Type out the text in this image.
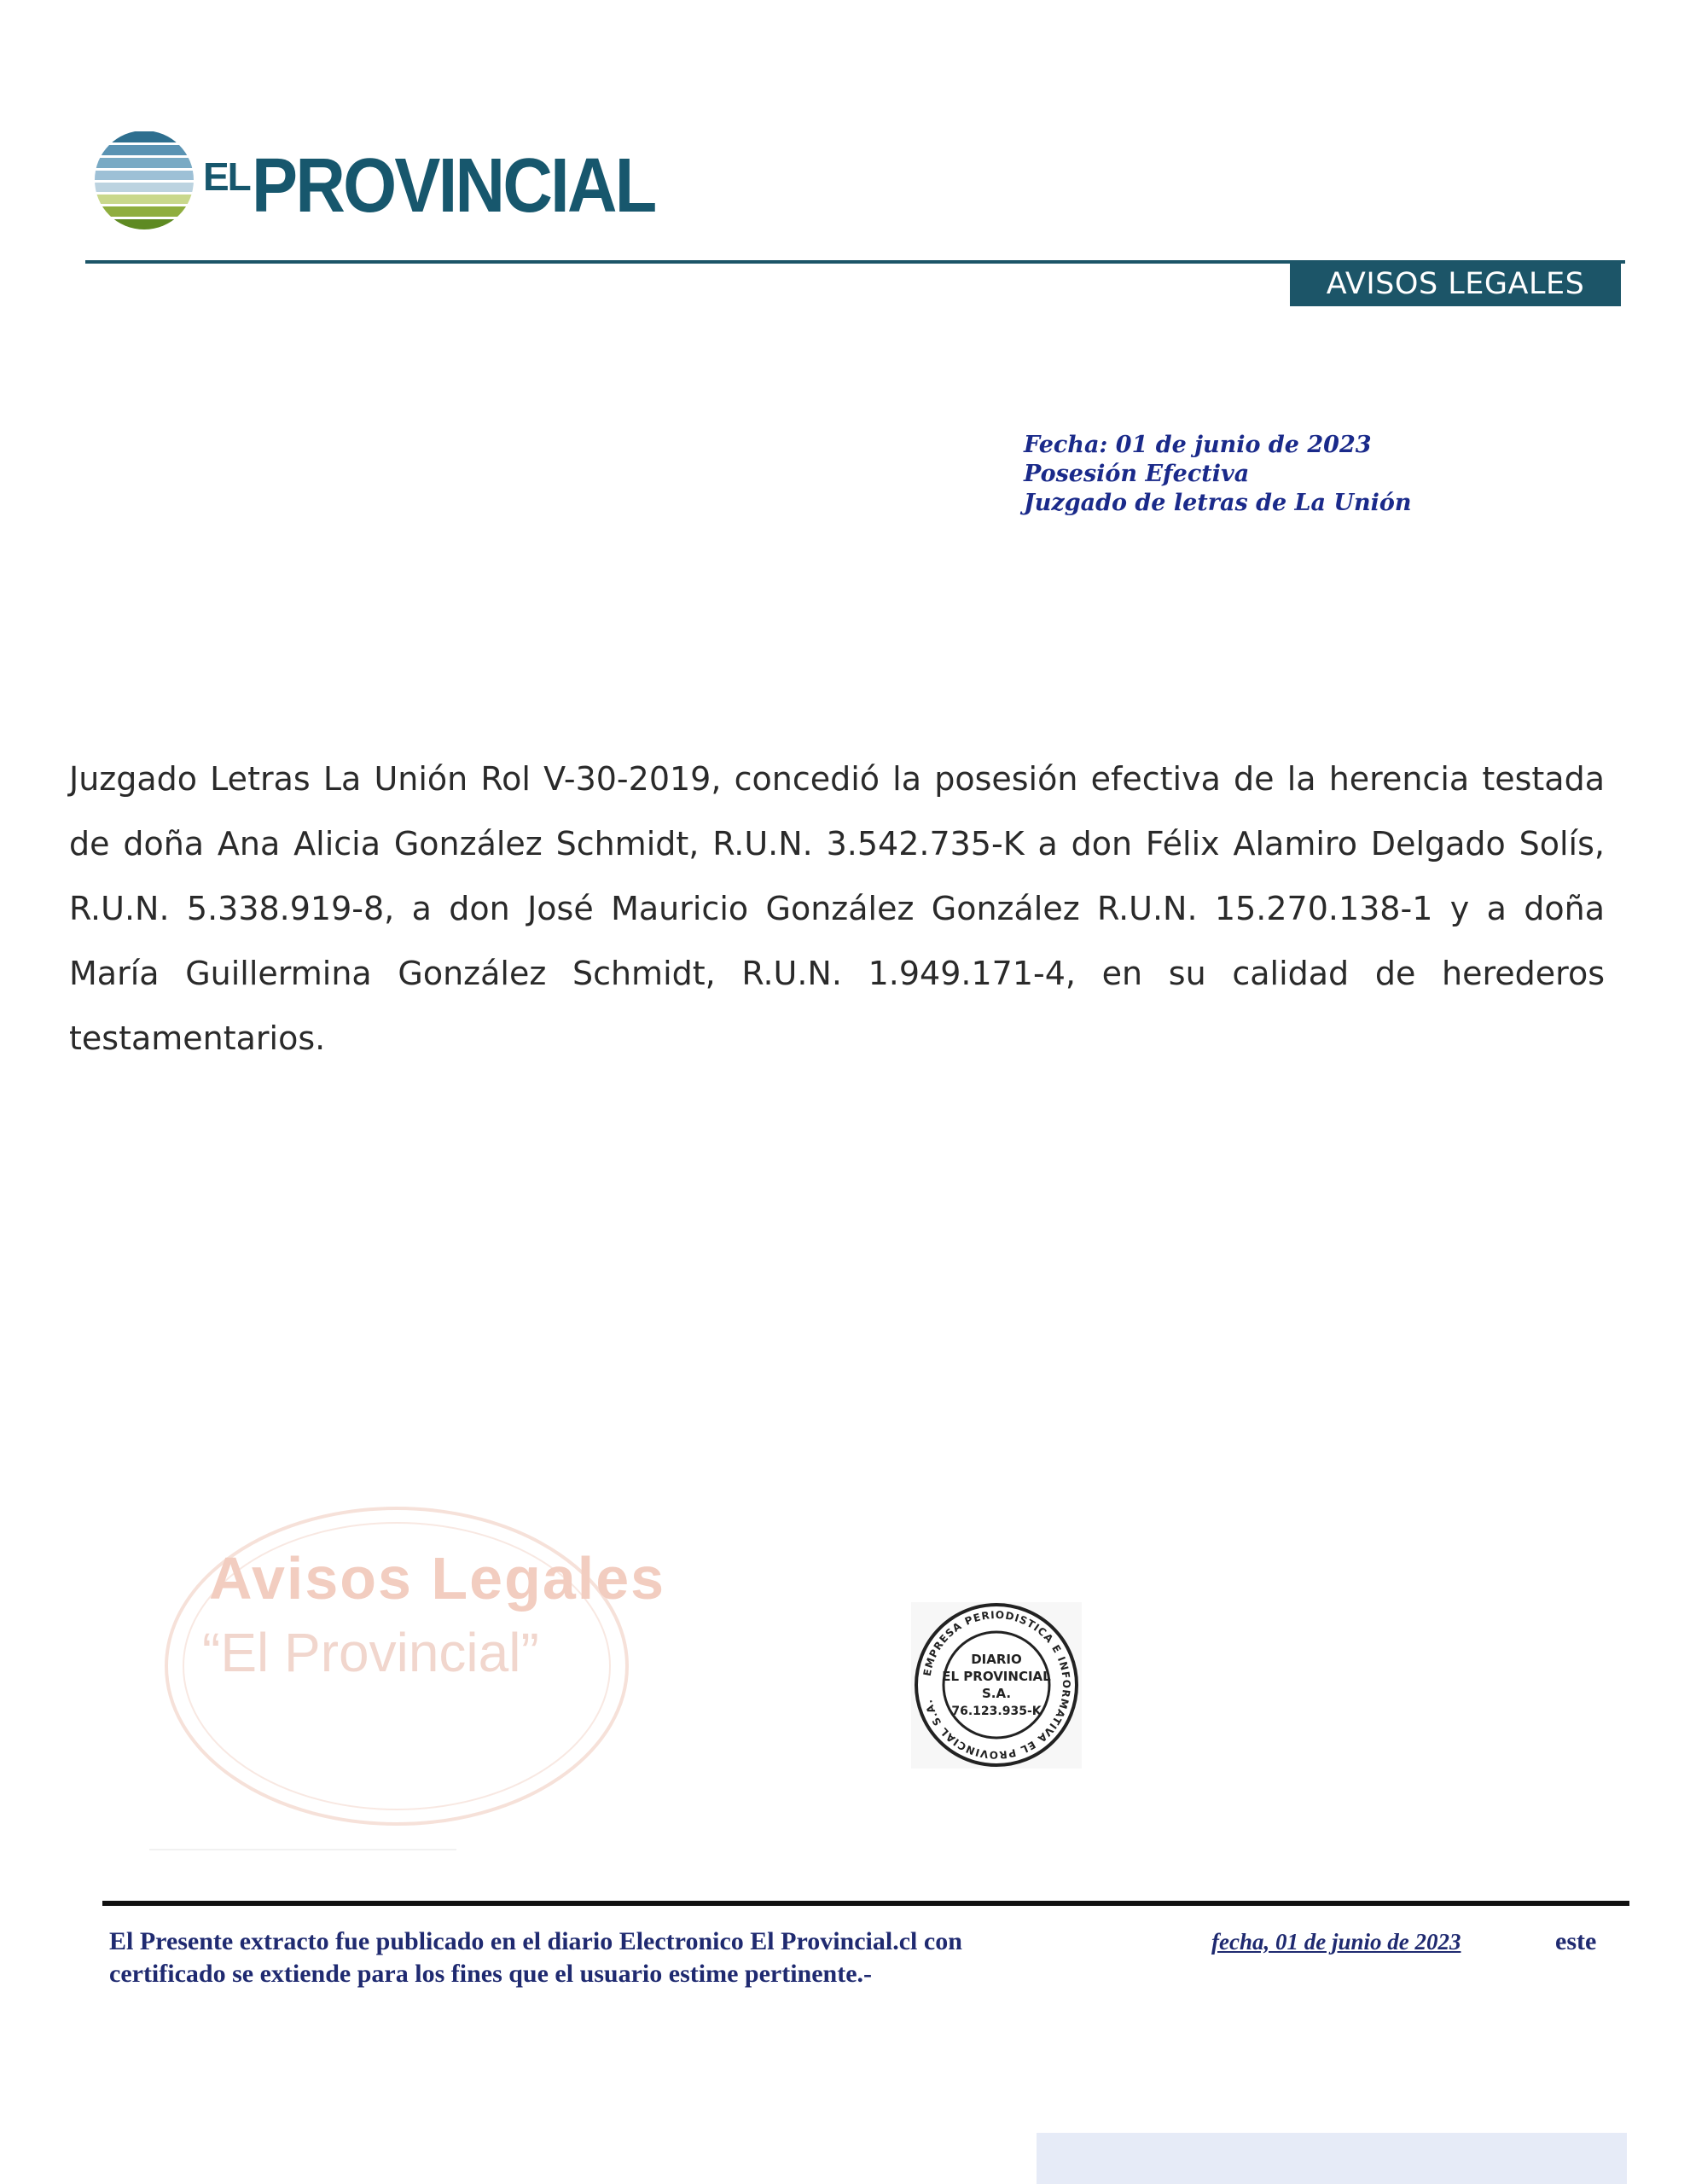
ELPROVINCIAL
AVISOS LEGALES
Fecha: 01 de junio de 2023
Posesión Efectiva
Juzgado de letras de La Unión

Juzgado Letras La Unión Rol V-30-2019, concedió la posesión efectiva de la herencia testada de doña Ana Alicia González Schmidt, R.U.N. 3.542.735-K a don Félix Alamiro Delgado Solís, R.U.N. 5.338.919-8, a don José Mauricio González González R.U.N. 15.270.138-1 y a doña María Guillermina González Schmidt, R.U.N. 1.949.171-4, en su calidad de herederos testamentarios.

Avisos Legales
“El Provincial”	EMPRESA PERIODISTICA E INFORMATIVA EL PROVINCIAL S.A.
DIARIO
EL PROVINCIAL
S.A.
76.123.935-K
El Presente extracto fue publicado en el diario Electronico El Provincial.cl con	fecha, 01 de junio de 2023	este
certificado se extiende para los fines que el usuario estime pertinente.-
